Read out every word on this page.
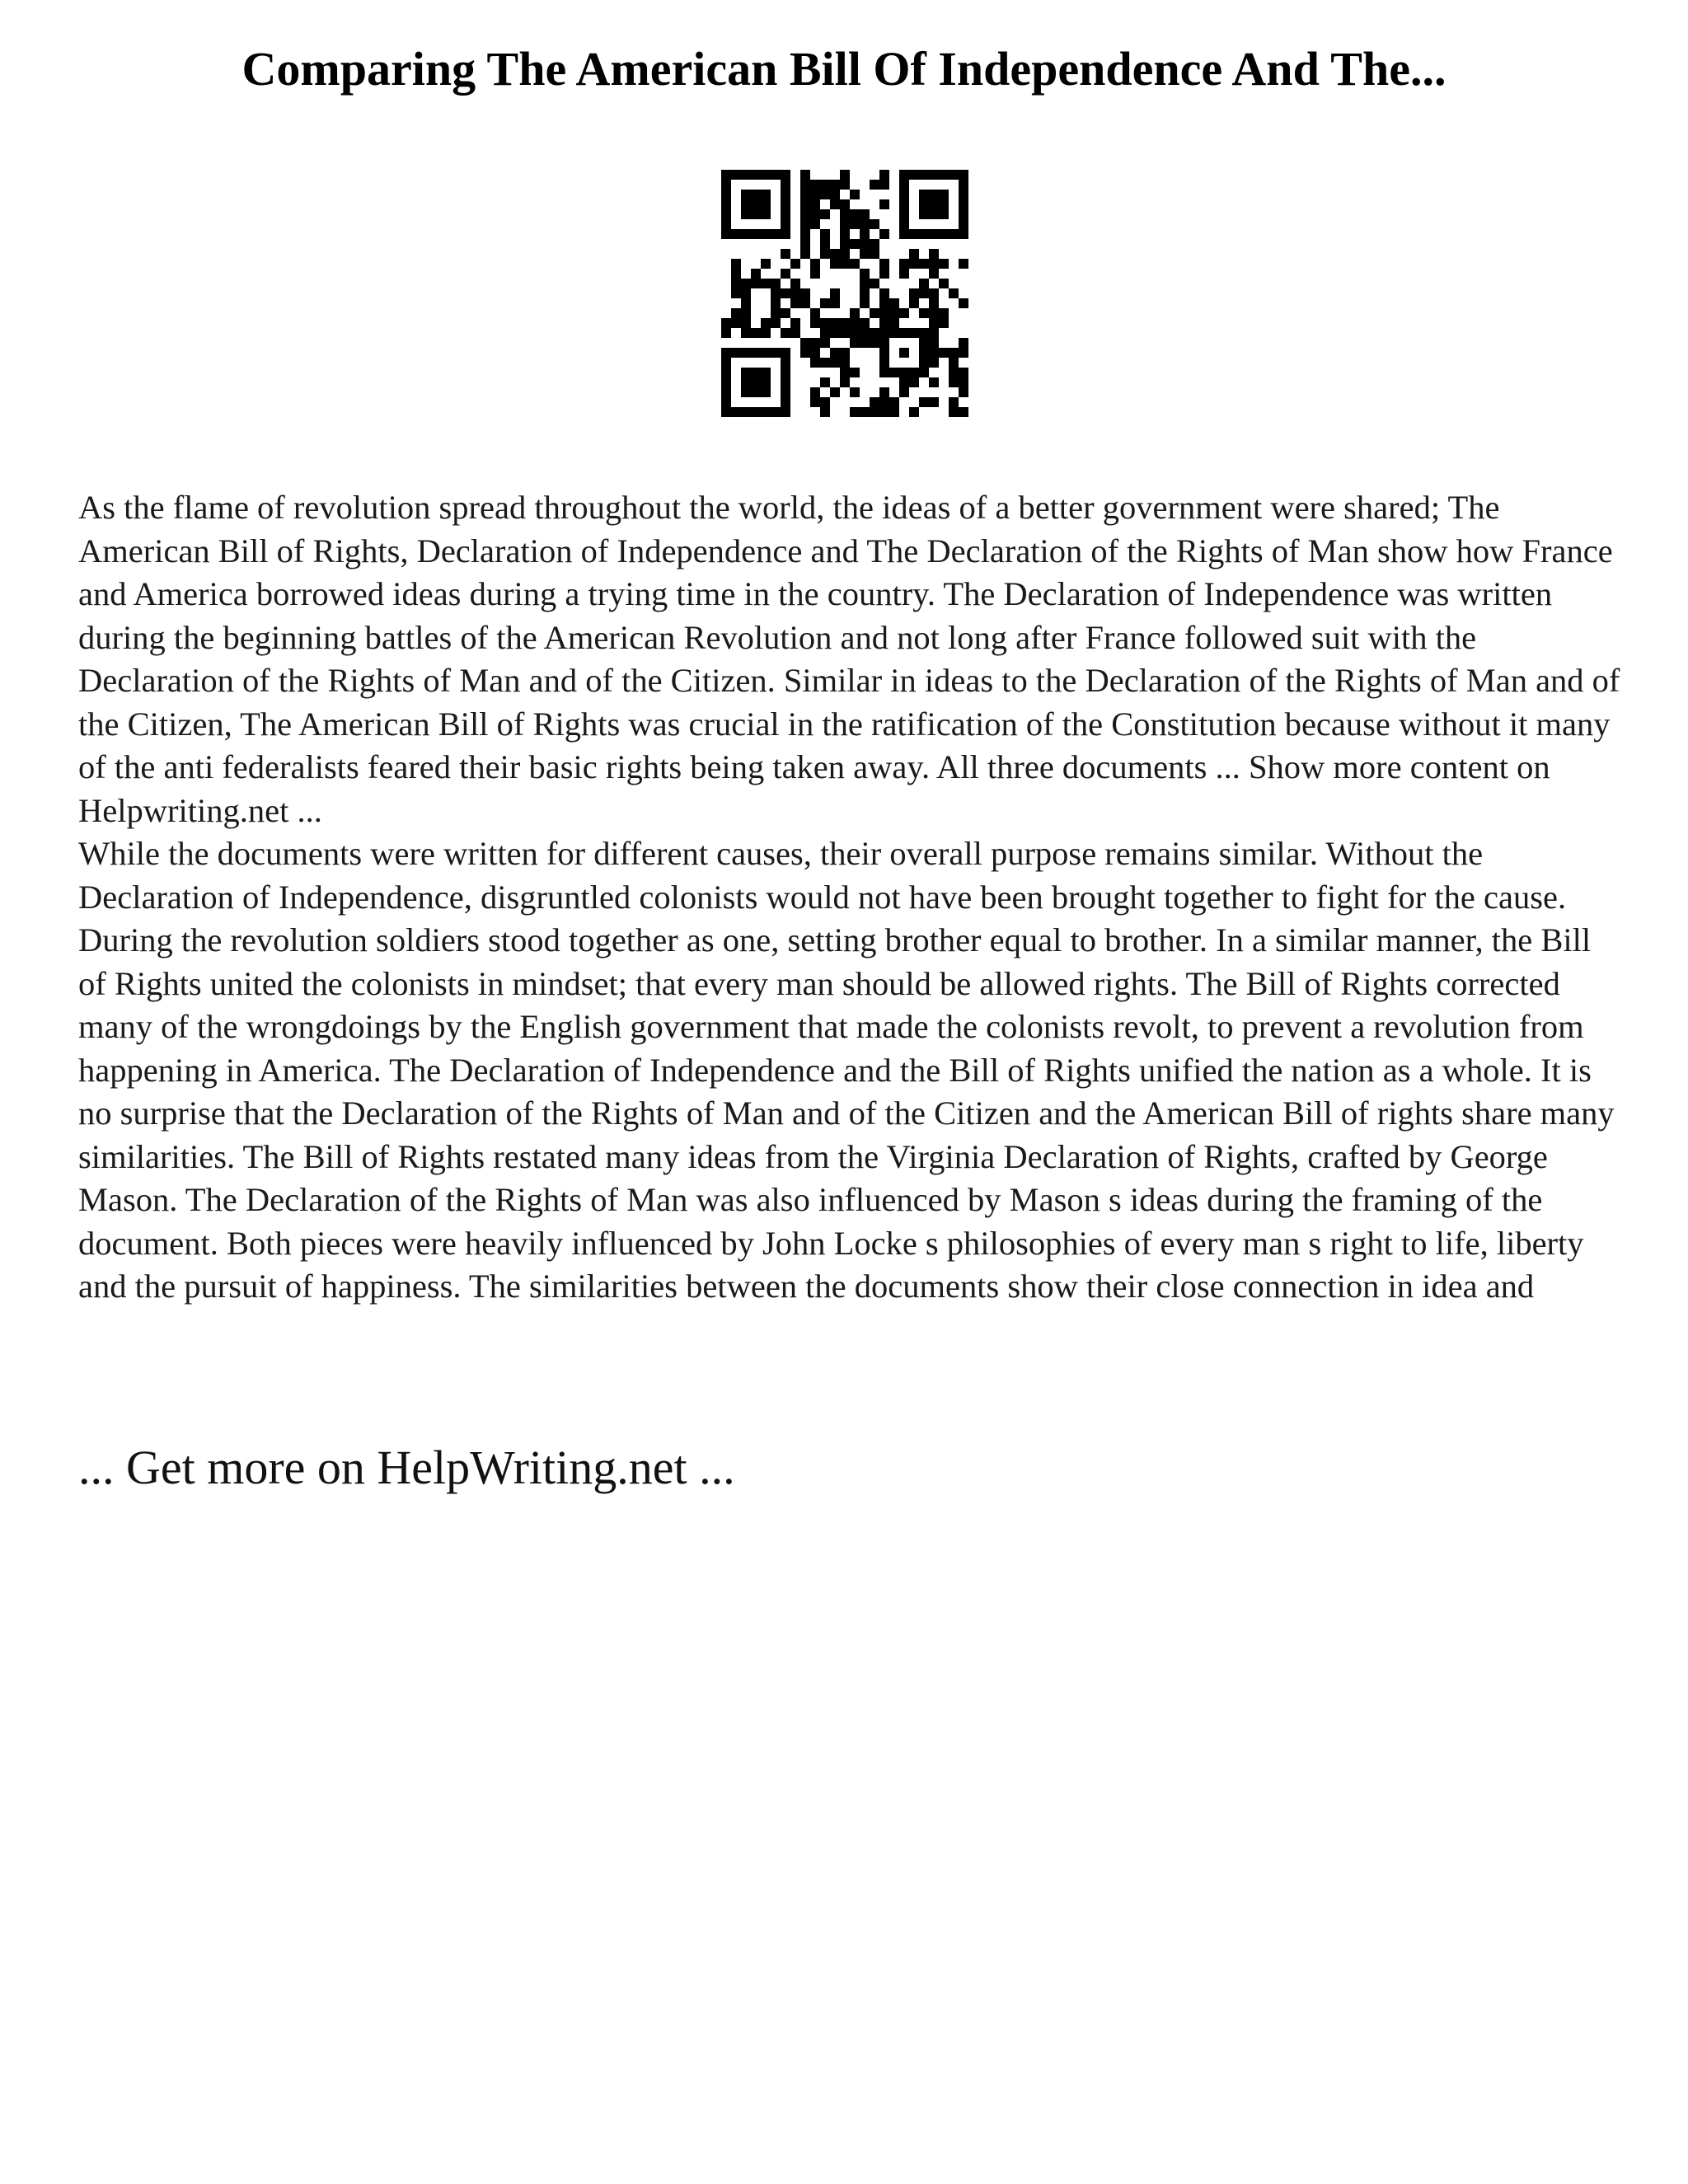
Comparing The American Bill Of Independence And The...

As the flame of revolution spread throughout the world, the ideas of a better government were shared; The American Bill of Rights, Declaration of Independence and The Declaration of the Rights of Man show how France and America borrowed ideas during a trying time in the country. The Declaration of Independence was written during the beginning battles of the American Revolution and not long after France followed suit with the Declaration of the Rights of Man and of the Citizen. Similar in ideas to the Declaration of the Rights of Man and of the Citizen, The American Bill of Rights was crucial in the ratification of the Constitution because without it many of the anti federalists feared their basic rights being taken away. All three documents ... Show more content on Helpwriting.net ...

While the documents were written for different causes, their overall purpose remains similar. Without the Declaration of Independence, disgruntled colonists would not have been brought together to fight for the cause. During the revolution soldiers stood together as one, setting brother equal to brother. In a similar manner, the Bill of Rights united the colonists in mindset; that every man should be allowed rights. The Bill of Rights corrected many of the wrongdoings by the English government that made the colonists revolt, to prevent a revolution from happening in America. The Declaration of Independence and the Bill of Rights unified the nation as a whole. It is no surprise that the Declaration of the Rights of Man and of the Citizen and the American Bill of rights share many similarities. The Bill of Rights restated many ideas from the Virginia Declaration of Rights, crafted by George Mason. The Declaration of the Rights of Man was also influenced by Mason s ideas during the framing of the document. Both pieces were heavily influenced by John Locke s philosophies of every man s right to life, liberty and the pursuit of happiness. The similarities between the documents show their close connection in idea and

... Get more on HelpWriting.net ...
